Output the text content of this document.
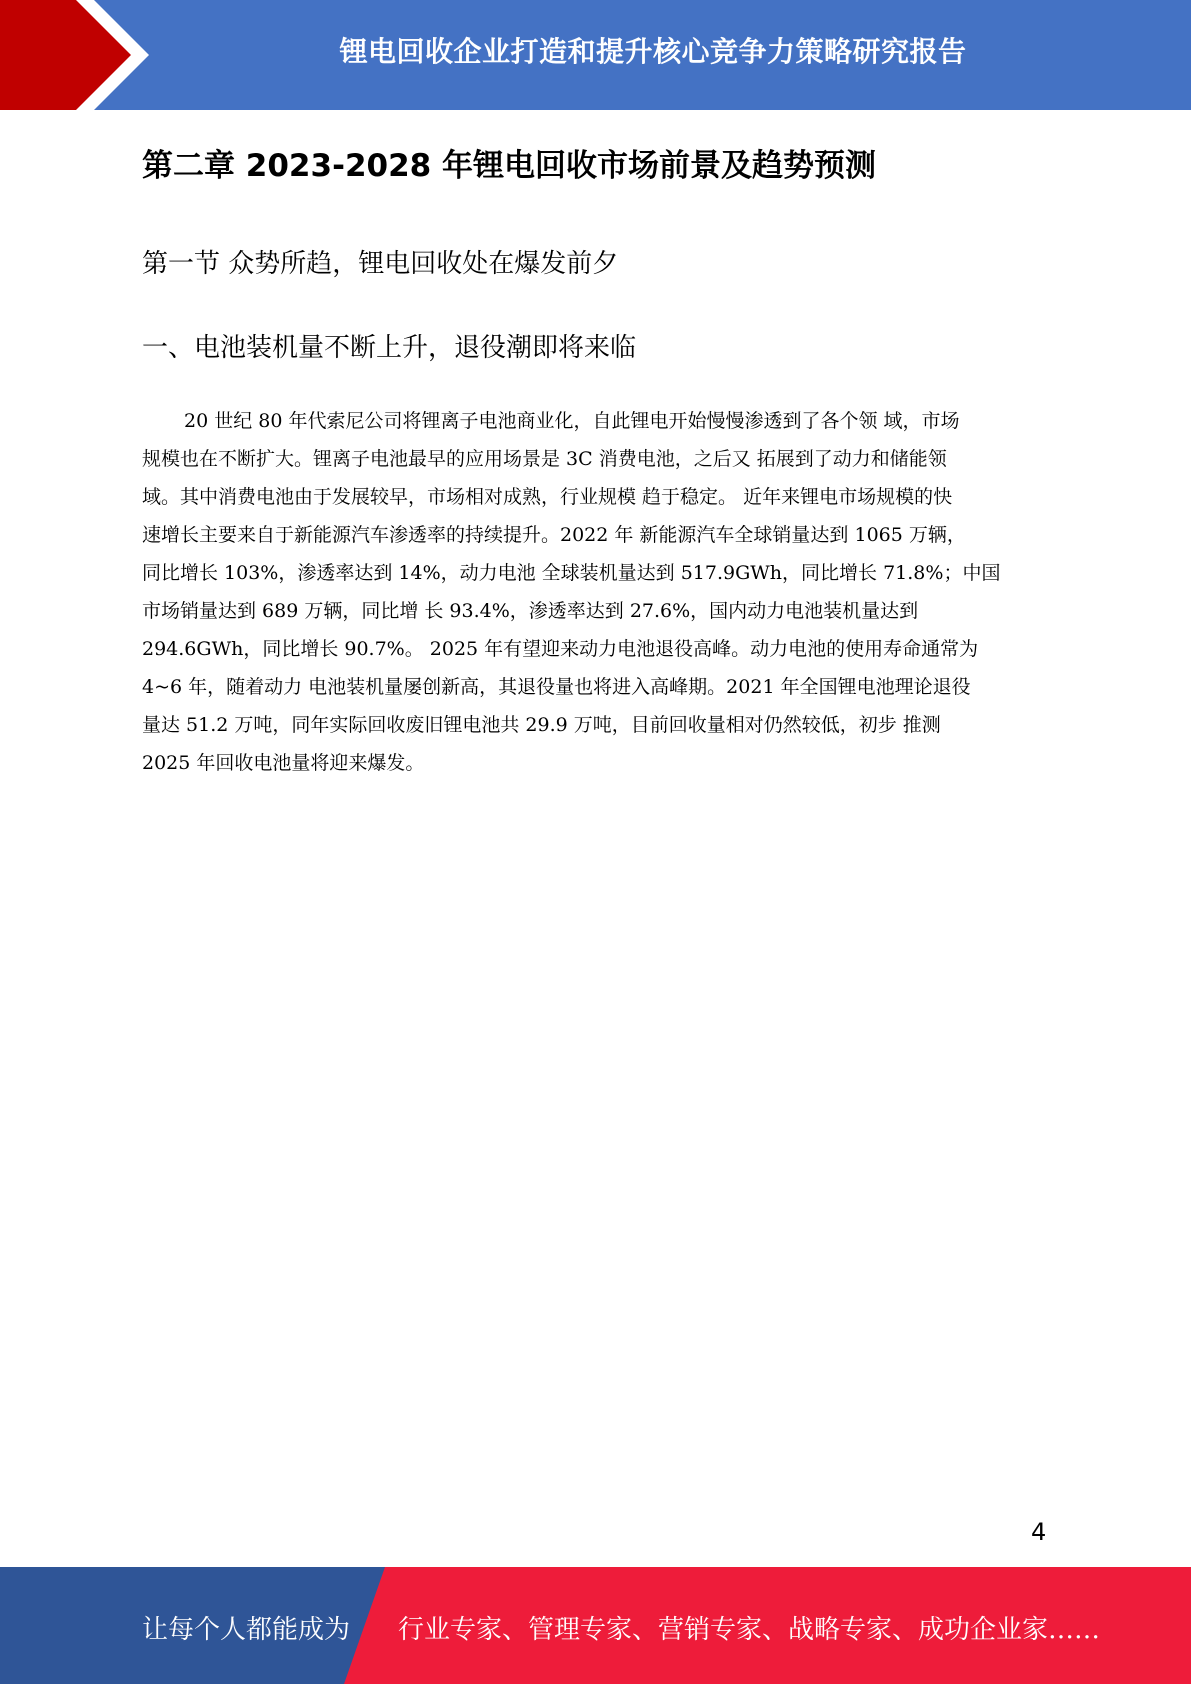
锂电回收企业打造和提升核心竞争力策略研究报告
第二章 2023-2028 年锂电回收市场前景及趋势预测
第一节 众势所趋，锂电回收处在爆发前夕
一、电池装机量不断上升，退役潮即将来临
20 世纪 80 年代索尼公司将锂离子电池商业化，自此锂电开始慢慢渗透到了各个领 域，市场
规模也在不断扩大。锂离子电池最早的应用场景是 3C 消费电池，之后又 拓展到了动力和储能领
域。其中消费电池由于发展较早，市场相对成熟，行业规模 趋于稳定。 近年来锂电市场规模的快
速增长主要来自于新能源汽车渗透率的持续提升。2022 年 新能源汽车全球销量达到 1065 万辆，
同比增长 103%，渗透率达到 14%，动力电池 全球装机量达到 517.9GWh，同比增长 71.8%；中国
市场销量达到 689 万辆，同比增 长 93.4%，渗透率达到 27.6%，国内动力电池装机量达到
294.6GWh，同比增长 90.7%。 2025 年有望迎来动力电池退役高峰。动力电池的使用寿命通常为
4~6 年，随着动力 电池装机量屡创新高，其退役量也将进入高峰期。2021 年全国锂电池理论退役
量达 51.2 万吨，同年实际回收废旧锂电池共 29.9 万吨，目前回收量相对仍然较低，初步 推测
2025 年回收电池量将迎来爆发。
4
让每个人都能成为 行业专家、管理专家、营销专家、战略专家、成功企业家……
